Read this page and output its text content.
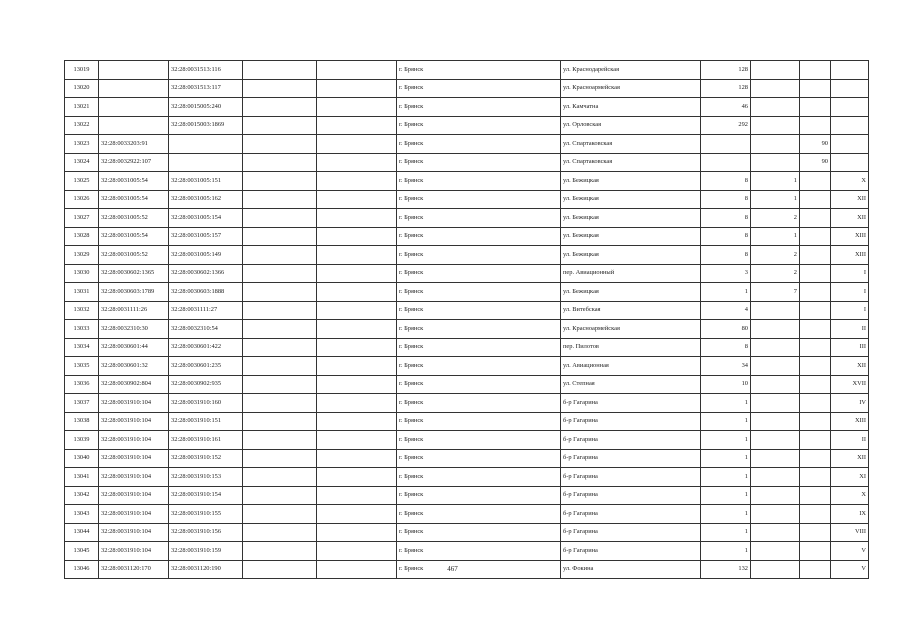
13019		32:28:0031513:116			г. Брянск	ул. Краснодарейская	128			
13020		32:28:0031513:117			г. Брянск	ул. Красноармейская	128			
13021		32:28:0015005:240			г. Брянск	ул. Камчатна	46			
13022		32:28:0015003:1869			г. Брянск	ул. Орловская	292			
13023	32:28:0033203:91				г. Брянск	ул. Спартаковская			90	
13024	32:28:0032922:107				г. Брянск	ул. Спартаковская			90	
13025	32:28:0031005:54	32:28:0031005:151			г. Брянск	ул. Бежицкая	8	1		X
13026	32:28:0031005:54	32:28:0031005:162			г. Брянск	ул. Бежицкая	8	1		XII
13027	32:28:0031005:52	32:28:0031005:154			г. Брянск	ул. Бежицкая	8	2		XII
13028	32:28:0031005:54	32:28:0031005:157			г. Брянск	ул. Бежицкая	8	1		XIII
13029	32:28:0031005:52	32:28:0031005:149			г. Брянск	ул. Бежицкая	8	2		XIII
13030	32:28:0030602:1365	32:28:0030602:1366			г. Брянск	пер. Авиационный	3	2		I
13031	32:28:0030603:1789	32:28:0030603:1888			г. Брянск	ул. Бежицкая	1	7		I
13032	32:28:0031111:26	32:28:0031111:27			г. Брянск	ул. Витебская	4			I
13033	32:28:0032310:30	32:28:0032310:54			г. Брянск	ул. Красноармейская	80			II
13034	32:28:0030601:44	32:28:0030601:422			г. Брянск	пер. Пилотов	8			III
13035	32:28:0030601:32	32:28:0030601:235			г. Брянск	ул. Авиационная	34			XII
13036	32:28:0030902:804	32:28:0030902:935			г. Брянск	ул. Степная	10			XVII
13037	32:28:0031910:104	32:28:0031910:160			г. Брянск	б-р Гагарина	1			IV
13038	32:28:0031910:104	32:28:0031910:151			г. Брянск	б-р Гагарина	1			XIII
13039	32:28:0031910:104	32:28:0031910:161			г. Брянск	б-р Гагарина	1			II
13040	32:28:0031910:104	32:28:0031910:152			г. Брянск	б-р Гагарина	1			XII
13041	32:28:0031910:104	32:28:0031910:153			г. Брянск	б-р Гагарина	1			XI
13042	32:28:0031910:104	32:28:0031910:154			г. Брянск	б-р Гагарина	1			X
13043	32:28:0031910:104	32:28:0031910:155			г. Брянск	б-р Гагарина	1			IX
13044	32:28:0031910:104	32:28:0031910:156			г. Брянск	б-р Гагарина	1			VIII
13045	32:28:0031910:104	32:28:0031910:159			г. Брянск	б-р Гагарина	1			V
13046	32:28:0031120:170	32:28:0031120:190			г. Брянск	ул. Фокина	132			V
467
